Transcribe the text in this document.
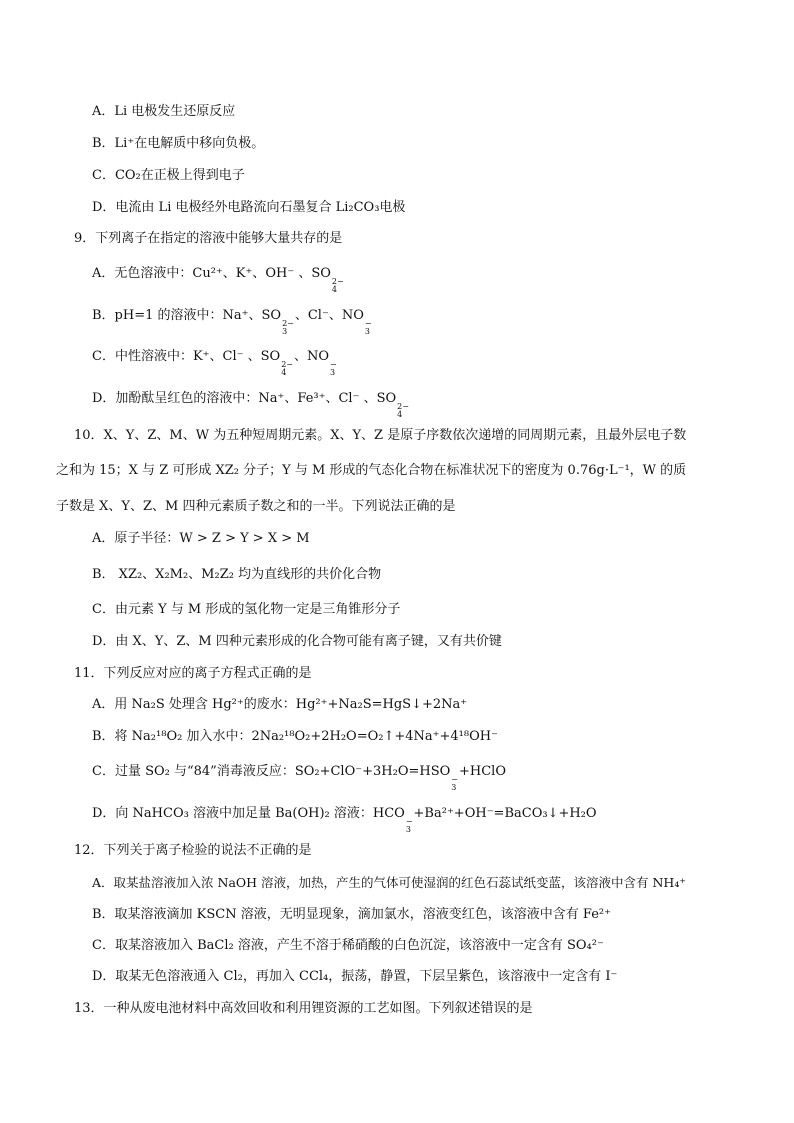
A．Li 电极发生还原反应
B．Li⁺在电解质中移向负极。
C．CO₂在正极上得到电子
D．电流由 Li 电极经外电路流向石墨复合 Li₂CO₃电极
9．下列离子在指定的溶液中能够大量共存的是
A．无色溶液中：Cu²⁺、K⁺、OH⁻ 、SO 2−
4
B．pH=1 的溶液中：Na⁺、SO 2−
3
、Cl⁻、NO −
3
C．中性溶液中：K⁺、Cl⁻ 、SO 2−
4
、NO −
3
D．加酚酞呈红色的溶液中：Na⁺、Fe³⁺、Cl⁻ 、SO 2−
4
10．X、Y、Z、M、W 为五种短周期元素。X、Y、Z 是原子序数依次递增的同周期元素，且最外层电子数
之和为 15；X 与 Z 可形成 XZ₂ 分子；Y 与 M 形成的气态化合物在标准状况下的密度为 0.76g·L⁻¹，W 的质
子数是 X、Y、Z、M 四种元素质子数之和的一半。下列说法正确的是
A．原子半径：W > Z > Y > X > M
B． XZ₂、X₂M₂、M₂Z₂ 均为直线形的共价化合物
C．由元素 Y 与 M 形成的氢化物一定是三角锥形分子
D．由 X、Y、Z、M 四种元素形成的化合物可能有离子键，又有共价键
11．下列反应对应的离子方程式正确的是
A．用 Na₂S 处理含 Hg²⁺的废水：Hg²⁺+Na₂S=HgS↓+2Na⁺
B．将 Na₂¹⁸O₂ 加入水中：2Na₂¹⁸O₂+2H₂O=O₂↑+4Na⁺+4¹⁸OH⁻
C．过量 SO₂ 与“84”消毒液反应：SO₂+ClO⁻+3H₂O=HSO −
3
+HClO
D．向 NaHCO₃ 溶液中加足量 Ba(OH)₂ 溶液：HCO −
3
+Ba²⁺+OH⁻=BaCO₃↓+H₂O
12．下列关于离子检验的说法不正确的是
A．取某盐溶液加入浓 NaOH 溶液，加热，产生的气体可使湿润的红色石蕊试纸变蓝，该溶液中含有 NH₄⁺
B．取某溶液滴加 KSCN 溶液，无明显现象，滴加氯水，溶液变红色，该溶液中含有 Fe²⁺
C．取某溶液加入 BaCl₂ 溶液，产生不溶于稀硝酸的白色沉淀，该溶液中一定含有 SO₄²⁻
D．取某无色溶液通入 Cl₂，再加入 CCl₄，振荡，静置，下层呈紫色，该溶液中一定含有 I⁻
13．一种从废电池材料中高效回收和利用锂资源的工艺如图。下列叙述错误的是
